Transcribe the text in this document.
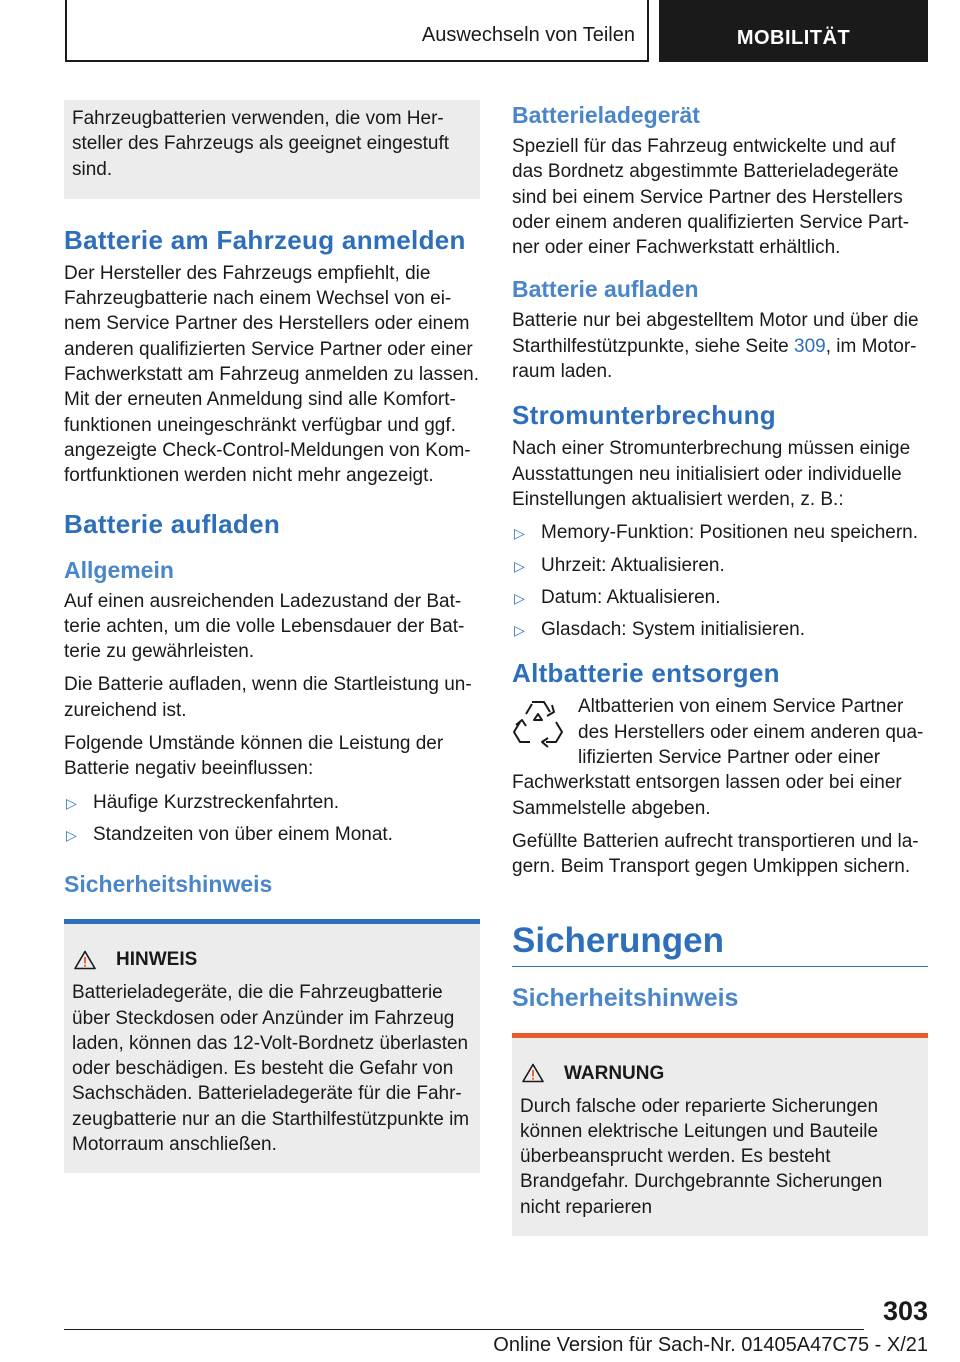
Auswechseln von Teilen	MOBILITÄT

Fahrzeugbatterien verwenden, die vom Hersteller des Fahrzeugs als geeignet eingestuft sind.

Batterie am Fahrzeug anmelden

Der Hersteller des Fahrzeugs empfiehlt, die Fahrzeugbatterie nach einem Wechsel von einem Service Partner des Herstellers oder einem anderen qualifizierten Service Partner oder einer Fachwerkstatt am Fahrzeug anmelden zu lassen. Mit der erneuten Anmeldung sind alle Komfortfunktionen uneingeschränkt verfügbar und ggf. angezeigte Check-Control-Meldungen von Komfortfunktionen werden nicht mehr angezeigt.

Batterie aufladen
Allgemein

Auf einen ausreichenden Ladezustand der Batterie achten, um die volle Lebensdauer der Batterie zu gewährleisten.

Die Batterie aufladen, wenn die Startleistung unzureichend ist.

Folgende Umstände können die Leistung der Batterie negativ beeinflussen:

▷ Häufige Kurzstreckenfahrten.
▷ Standzeiten von über einem Monat.
Sicherheitshinweis
HINWEIS

Batterieladegeräte, die die Fahrzeugbatterie über Steckdosen oder Anzünder im Fahrzeug laden, können das 12-Volt-Bordnetz überlasten oder beschädigen. Es besteht die Gefahr von Sachschäden. Batterieladegeräte für die Fahrzeugbatterie nur an die Starthilfestützpunkte im Motorraum anschließen.

Batterieladegerät

Speziell für das Fahrzeug entwickelte und auf das Bordnetz abgestimmte Batterieladegeräte sind bei einem Service Partner des Herstellers oder einem anderen qualifizierten Service Partner oder einer Fachwerkstatt erhältlich.

Batterie aufladen

Batterie nur bei abgestelltem Motor und über die Starthilfestützpunkte, siehe Seite 309, im Motorraum laden.

Stromunterbrechung

Nach einer Stromunterbrechung müssen einige Ausstattungen neu initialisiert oder individuelle Einstellungen aktualisiert werden, z. B.:

▷ Memory-Funktion: Positionen neu speichern.
▷ Uhrzeit: Aktualisieren.
▷ Datum: Aktualisieren.
▷ Glasdach: System initialisieren.
Altbatterie entsorgen

Altbatterien von einem Service Partner des Herstellers oder einem anderen qualifizierten Service Partner oder einer

Fachwerkstatt entsorgen lassen oder bei einer Sammelstelle abgeben.

Gefüllte Batterien aufrecht transportieren und lagern. Beim Transport gegen Umkippen sichern.

Sicherungen
Sicherheitshinweis
WARNUNG

Durch falsche oder reparierte Sicherungen können elektrische Leitungen und Bauteile überbeansprucht werden. Es besteht Brandgefahr. Durchgebrannte Sicherungen nicht reparieren

303
Online Version für Sach-Nr. 01405A47C75 - X/21
